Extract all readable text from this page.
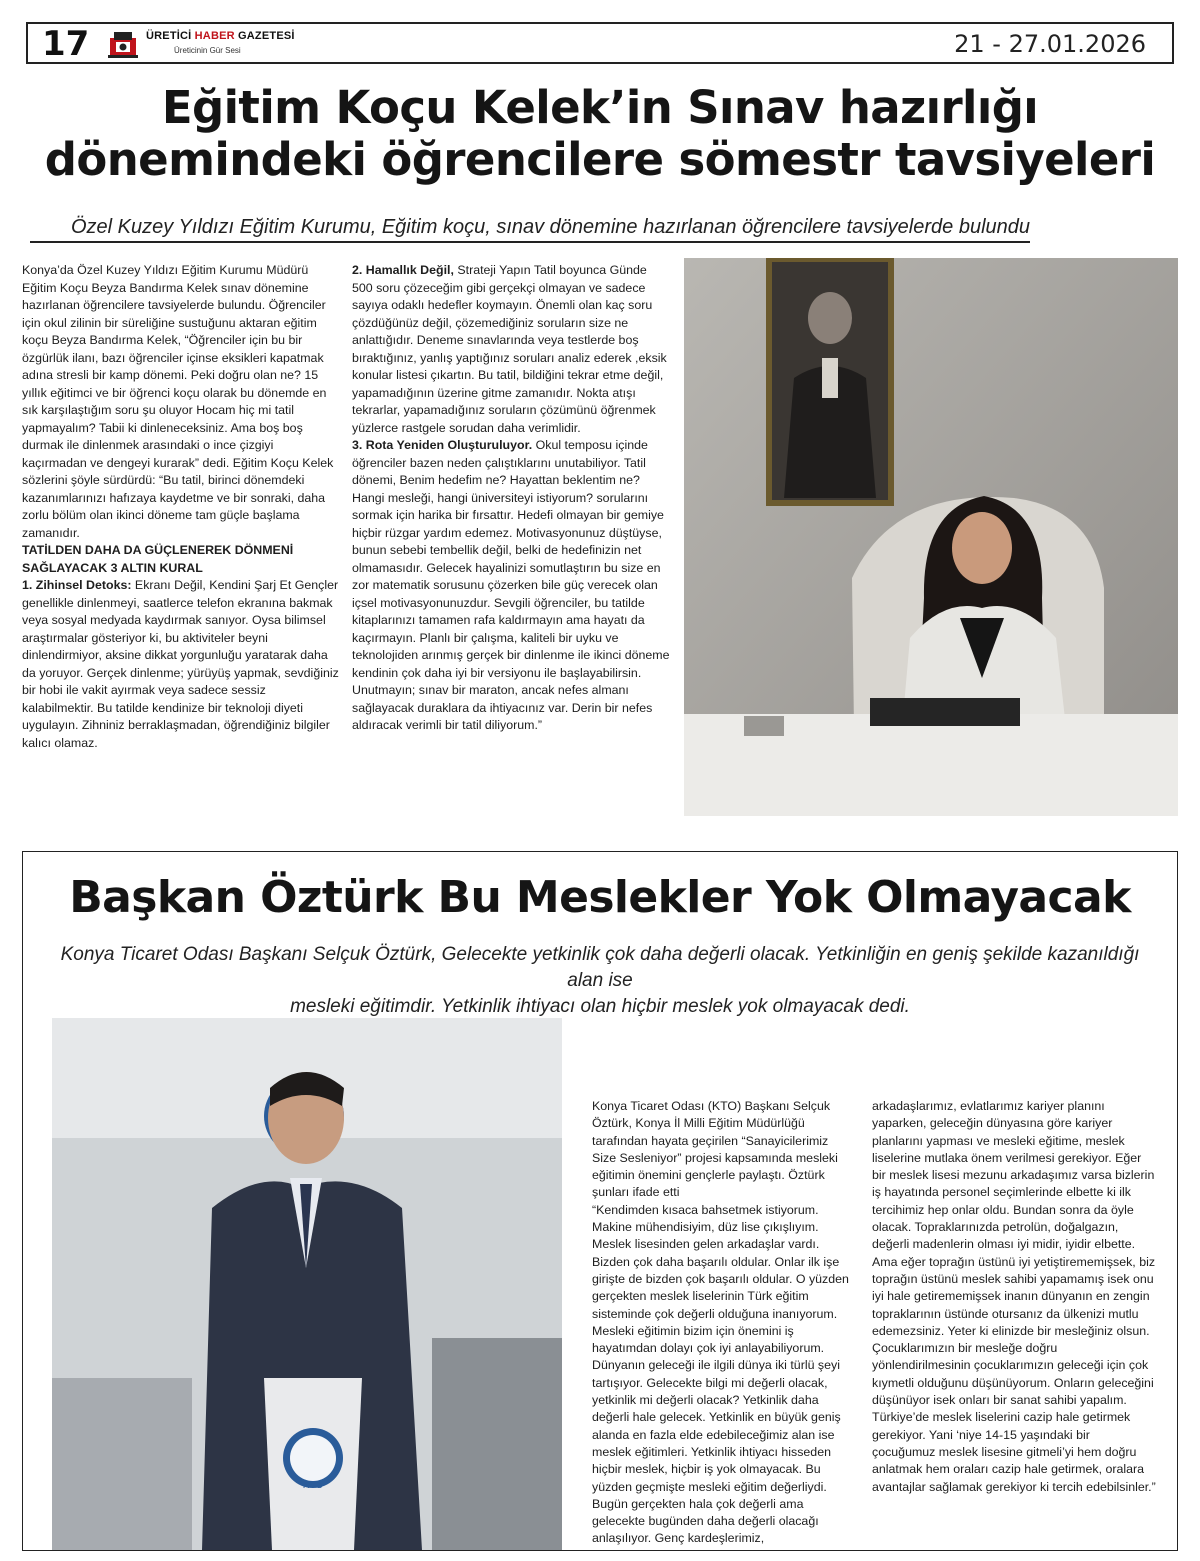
17	ÜRETİCİ HABER GAZETESİ
Üreticinin Gür Sesi	21 - 27.01.2026
Eğitim Koçu Kelek’in Sınav hazırlığı
dönemindeki öğrencilere sömestr tavsiyeleri
Özel Kuzey Yıldızı Eğitim Kurumu, Eğitim koçu, sınav dönemine hazırlanan öğrencilere tavsiyelerde bulundu

Konya’da Özel Kuzey Yıldızı Eğitim Kurumu Müdürü Eğitim Koçu Beyza Bandırma Kelek sınav dönemine hazırlanan öğrencilere tavsiyelerde bulundu. Öğrenciler için okul zilinin bir süreliğine sustuğunu aktaran eğitim koçu Beyza Bandırma Kelek, “Öğrenciler için bu bir özgürlük ilanı, bazı öğrenciler içinse eksikleri kapatmak adına stresli bir kamp dönemi. Peki doğru olan ne? 15 yıllık eğitimci ve bir öğrenci koçu olarak bu dönemde en sık karşılaştığım soru şu oluyor Hocam hiç mi tatil yapmayalım? Tabii ki dinleneceksiniz. Ama boş boş durmak ile dinlenmek arasındaki o ince çizgiyi kaçırmadan ve dengeyi kurarak” dedi. Eğitim Koçu Kelek sözlerini şöyle sürdürdü: “Bu tatil, birinci dönemdeki kazanımlarınızı hafızaya kaydetme ve bir sonraki, daha zorlu bölüm olan ikinci döneme tam güçle başlama zamanıdır.

TATİLDEN DAHA DA GÜÇLENEREK DÖNMENİ SAĞLAYACAK 3 ALTIN KURAL

1. Zihinsel Detoks: Ekranı Değil, Kendini Şarj Et Gençler genellikle dinlenmeyi, saatlerce telefon ekranına bakmak veya sosyal medyada kaydırmak sanıyor. Oysa bilimsel araştırmalar gösteriyor ki, bu aktiviteler beyni dinlendirmiyor, aksine dikkat yorgunluğu yaratarak daha da yoruyor. Gerçek dinlenme; yürüyüş yapmak, sevdiğiniz bir hobi ile vakit ayırmak veya sadece sessiz kalabilmektir. Bu tatilde kendinize bir teknoloji diyeti uygulayın. Zihniniz berraklaşmadan, öğrendiğiniz bilgiler kalıcı olamaz.

2. Hamallık Değil, Strateji Yapın Tatil boyunca Günde 500 soru çözeceğim gibi gerçekçi olmayan ve sadece sayıya odaklı hedefler koymayın. Önemli olan kaç soru çözdüğünüz değil, çözemediğiniz soruların size ne anlattığıdır. Deneme sınavlarında veya testlerde boş bıraktığınız, yanlış yaptığınız soruları analiz ederek ,eksik konular listesi çıkartın. Bu tatil, bildiğini tekrar etme değil, yapamadığının üzerine gitme zamanıdır. Nokta atışı tekrarlar, yapamadığınız soruların çözümünü öğrenmek yüzlerce rastgele sorudan daha verimlidir.

3. Rota Yeniden Oluşturuluyor. Okul temposu içinde öğrenciler bazen neden çalıştıklarını unutabiliyor. Tatil dönemi, Benim hedefim ne? Hayattan beklentim ne? Hangi mesleği, hangi üniversiteyi istiyorum? sorularını sormak için harika bir fırsattır. Hedefi olmayan bir gemiye hiçbir rüzgar yardım edemez. Motivasyonunuz düştüyse, bunun sebebi tembellik değil, belki de hedefinizin net olmamasıdır. Gelecek hayalinizi somutlaştırın bu size en zor matematik sorusunu çözerken bile güç verecek olan içsel motivasyonunuzdur. Sevgili öğrenciler, bu tatilde kitaplarınızı tamamen rafa kaldırmayın ama hayatı da kaçırmayın. Planlı bir çalışma, kaliteli bir uyku ve teknolojiden arınmış gerçek bir dinlenme ile ikinci döneme kendinin çok daha iyi bir versiyonu ile başlayabilirsin. Unutmayın; sınav bir maraton, ancak nefes almanı sağlayacak duraklara da ihtiyacınız var. Derin bir nefes aldıracak verimli bir tatil diliyorum.”

Başkan Öztürk Bu Meslekler Yok Olmayacak
Konya Ticaret Odası Başkanı Selçuk Öztürk, Gelecekte yetkinlik çok daha değerli olacak. Yetkinliğin en geniş şekilde kazanıldığı alan ise
mesleki eğitimdir. Yetkinlik ihtiyacı olan hiçbir meslek yok olmayacak dedi.
KTO

Konya Ticaret Odası (KTO) Başkanı Selçuk Öztürk, Konya İl Milli Eğitim Müdürlüğü tarafından hayata geçirilen “Sanayicilerimiz Size Sesleniyor” projesi kapsamında mesleki eğitimin önemini gençlerle paylaştı. Öztürk şunları ifade etti

“Kendimden kısaca bahsetmek istiyorum. Makine mühendisiyim, düz lise çıkışlıyım. Meslek lisesinden gelen arkadaşlar vardı. Bizden çok daha başarılı oldular. Onlar ilk işe girişte de bizden çok başarılı oldular. O yüzden gerçekten meslek liselerinin Türk eğitim sisteminde çok değerli olduğuna inanıyorum. Mesleki eğitimin bizim için önemini iş hayatımdan dolayı çok iyi anlayabiliyorum. Dünyanın geleceği ile ilgili dünya iki türlü şeyi tartışıyor. Gelecekte bilgi mi değerli olacak, yetkinlik mi değerli olacak? Yetkinlik daha değerli hale gelecek. Yetkinlik en büyük geniş alanda en fazla elde edebileceğimiz alan ise meslek eğitimleri. Yetkinlik ihtiyacı hisseden hiçbir meslek, hiçbir iş yok olmayacak. Bu yüzden geçmişte mesleki eğitim değerliydi. Bugün gerçekten hala çok değerli ama gelecekte bugünden daha değerli olacağı anlaşılıyor. Genç kardeşlerimiz,

arkadaşlarımız, evlatlarımız kariyer planını yaparken, geleceğin dünyasına göre kariyer planlarını yapması ve mesleki eğitime, meslek liselerine mutlaka önem verilmesi gerekiyor. Eğer bir meslek lisesi mezunu arkadaşımız varsa bizlerin iş hayatında personel seçimlerinde elbette ki ilk tercihimiz hep onlar oldu. Bundan sonra da öyle olacak. Topraklarınızda petrolün, doğalgazın, değerli madenlerin olması iyi midir, iyidir elbette. Ama eğer toprağın üstünü iyi yetiştirememişsek, biz toprağın üstünü meslek sahibi yapamamış isek onu iyi hale getirememişsek inanın dünyanın en zengin topraklarının üstünde otursanız da ülkenizi mutlu edemezsiniz. Yeter ki elinizde bir mesleğiniz olsun. Çocuklarımızın bir mesleğe doğru yönlendirilmesinin çocuklarımızın geleceği için çok kıymetli olduğunu düşünüyorum. Onların geleceğini düşünüyor isek onları bir sanat sahibi yapalım. Türkiye’de meslek liselerini cazip hale getirmek gerekiyor. Yani ‘niye 14-15 yaşındaki bir çocuğumuz meslek lisesine gitmeli’yi hem doğru anlatmak hem oraları cazip hale getirmek, oralara avantajlar sağlamak gerekiyor ki tercih edebilsinler.”
